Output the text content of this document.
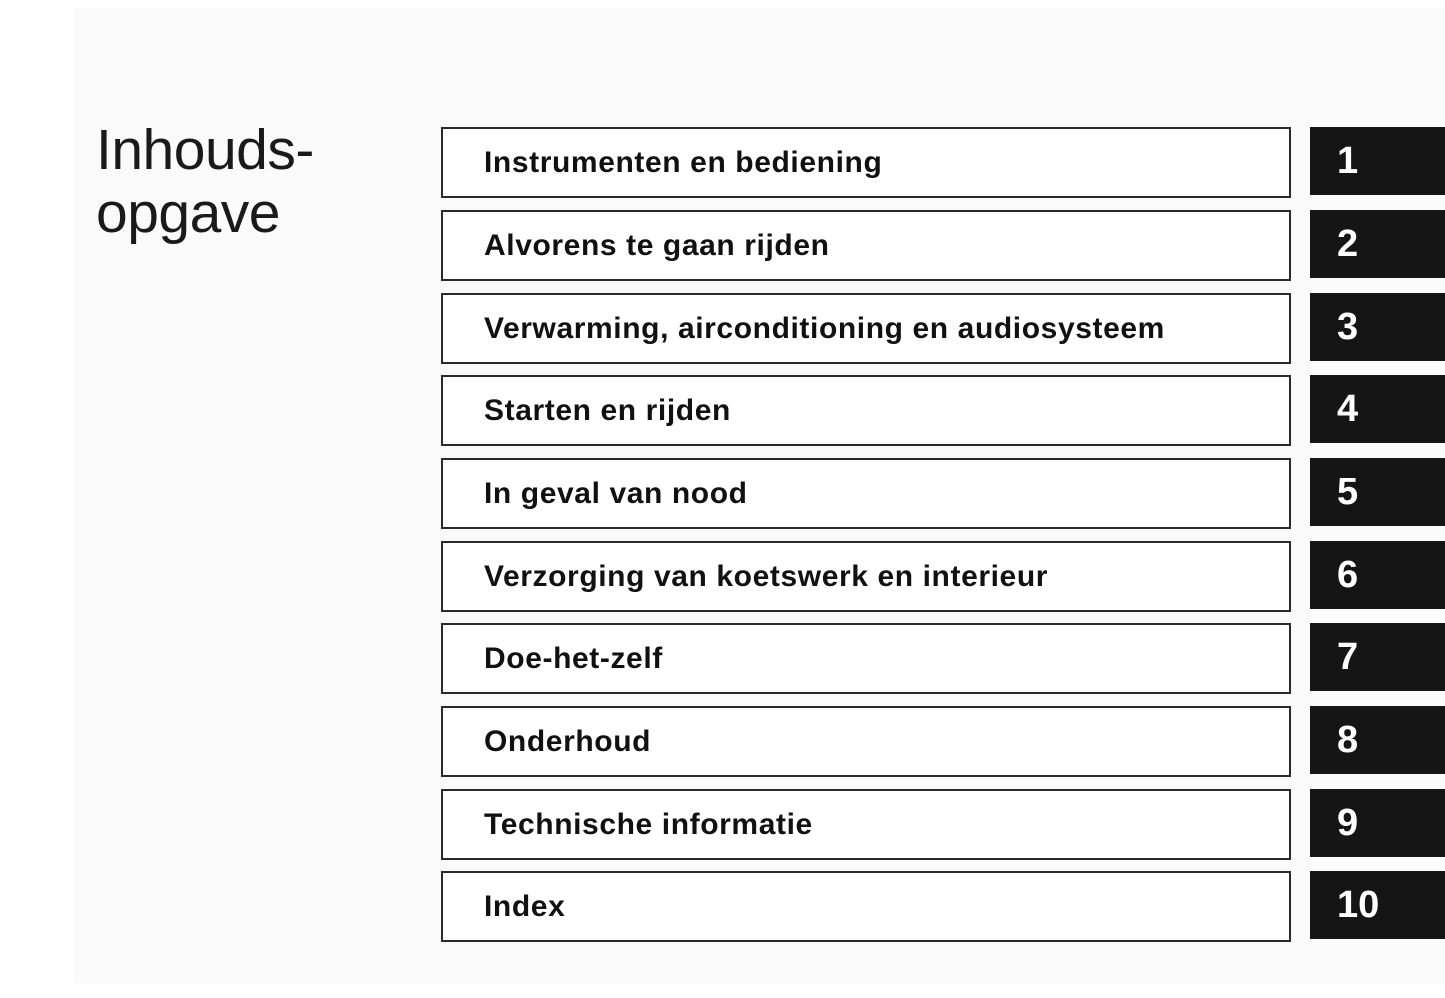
Inhouds-
opgave
Instrumenten en bediening	1
Alvorens te gaan rijden	2
Verwarming, airconditioning en audiosysteem	3
Starten en rijden	4
In geval van nood	5
Verzorging van koetswerk en interieur	6
Doe-het-zelf	7
Onderhoud	8
Technische informatie	9
Index	10
